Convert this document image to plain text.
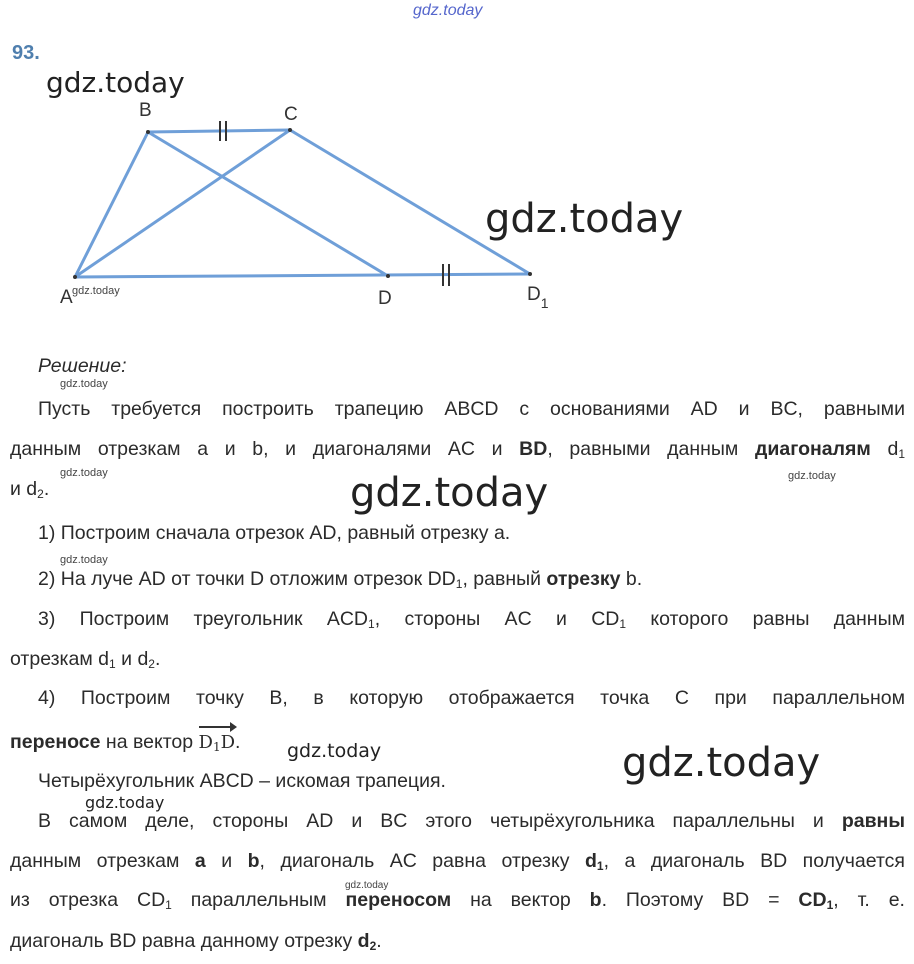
gdz.today
93.
gdz.today
gdz.today
B	C
A gdz.today	D	$D_1$
Решение:
gdz.today
Пусть требуется построить трапецию ABCD с основаниями AD и BC, равными
данным отрезкам a и b, и диагоналями AC и BD, равными данным диагоналям $d_1$
gdz.today	gdz.today
и $d_2$.	gdz.today
1) Построим сначала отрезок AD, равный отрезку a.
gdz.today
2) На луче AD от точки D отложим отрезок $DD_1$, равный отрезку b.
3) Построим треугольник $ACD_1$, стороны AC и $CD_1$ которого равны данным
отрезкам $d_1$ и $d_2$.
4) Построим точку B, в которую отображается точка C при параллельном
переносе на вектор
$D_1D$.	gdz.today	gdz.today
Четырёхугольник ABCD – искомая трапеция.
gdz.today
В самом деле, стороны AD и BC этого четырёхугольника параллельны и равны
данным отрезкам a и b, диагональ AC равна отрезку $d_1$, а диагональ BD получается
gdz.today
из отрезка $CD_1$ параллельным переносом на вектор b. Поэтому BD = $CD_1$, т. е.
диагональ BD равна данному отрезку $d_2$.
